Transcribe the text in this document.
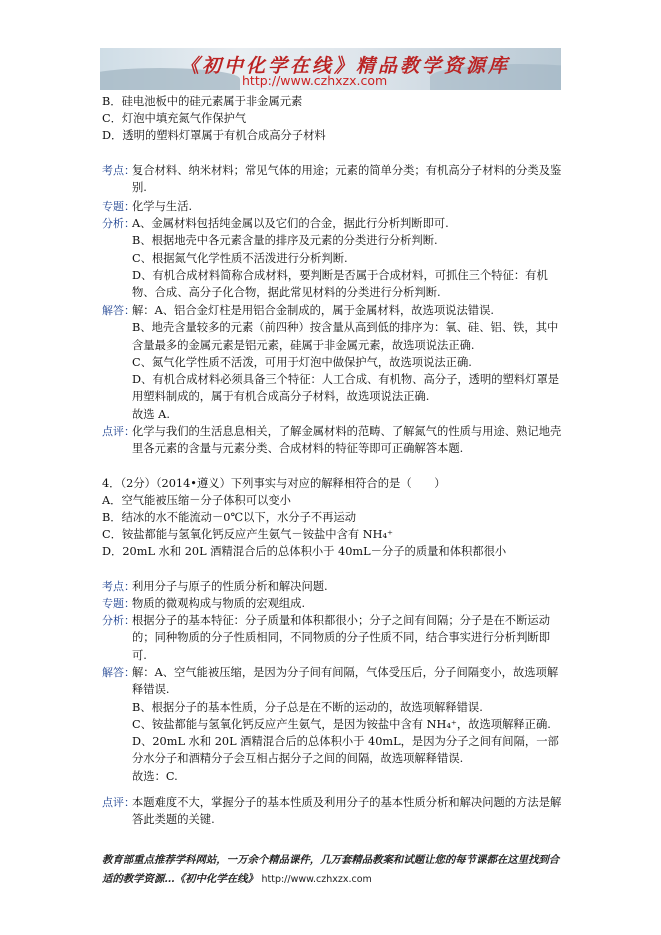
《初中化学在线》精品教学资源库
http://www.czhxzx.com
B．硅电池板中的硅元素属于非金属元素
C．灯泡中填充氮气作保护气
D．透明的塑料灯罩属于有机合成高分子材料
考点：

复合材料、纳米材料；常见气体的用途；元素的简单分类；有机高分子材料的分类及鉴别.

专题：

化学与生活.

分析：

A、金属材料包括纯金属以及它们的合金，据此行分析判断即可.

B、根据地壳中各元素含量的排序及元素的分类进行分析判断.

C、根据氮气化学性质不活泼进行分析判断.

D、有机合成材料简称合成材料，要判断是否属于合成材料，可抓住三个特征：有机物、合成、高分子化合物，据此常见材料的分类进行分析判断.

解答：

解：A、铝合金灯柱是用铝合金制成的，属于金属材料，故选项说法错误.

B、地壳含量较多的元素（前四种）按含量从高到低的排序为：氧、硅、铝、铁，其中含量最多的金属元素是铝元素，硅属于非金属元素，故选项说法正确.

C、氮气化学性质不活泼，可用于灯泡中做保护气，故选项说法正确.

D、有机合成材料必须具备三个特征：人工合成、有机物、高分子，透明的塑料灯罩是用塑料制成的，属于有机合成高分子材料，故选项说法正确.

故选 A.

点评：

化学与我们的生活息息相关，了解金属材料的范畴、了解氮气的性质与用途、熟记地壳里各元素的含量与元素分类、合成材料的特征等即可正确解答本题.

4．（2分）（2014•遵义）下列事实与对应的解释相符合的是（　　）
A．空气能被压缩－分子体积可以变小
B．结冰的水不能流动－0℃以下，水分子不再运动
C．铵盐都能与氢氧化钙反应产生氨气－铵盐中含有 NH₄⁺
D．20mL 水和 20L 酒精混合后的总体积小于 40mL－分子的质量和体积都很小
考点：

利用分子与原子的性质分析和解决问题.

专题：

物质的微观构成与物质的宏观组成.

分析：

根据分子的基本特征：分子质量和体积都很小；分子之间有间隔；分子是在不断运动的；同种物质的分子性质相同，不同物质的分子性质不同，结合事实进行分析判断即可.

解答：

解：A、空气能被压缩，是因为分子间有间隔，气体受压后，分子间隔变小，故选项解释错误.

B、根据分子的基本性质，分子总是在不断的运动的，故选项解释错误.

C、铵盐都能与氢氧化钙反应产生氨气，是因为铵盐中含有 NH₄⁺，故选项解释正确.

D、20mL 水和 20L 酒精混合后的总体积小于 40mL，是因为分子之间有间隔，一部分水分子和酒精分子会互相占据分子之间的间隔，故选项解释错误.

故选：C.

点评：

本题难度不大，掌握分子的基本性质及利用分子的基本性质分析和解决问题的方法是解答此类题的关键.

教育部重点推荐学科网站，一万余个精品课件，几万套精品教案和试题让您的每节课都在这里找到合适的教学资源…《初中化学在线》 http://www.czhxzx.com
